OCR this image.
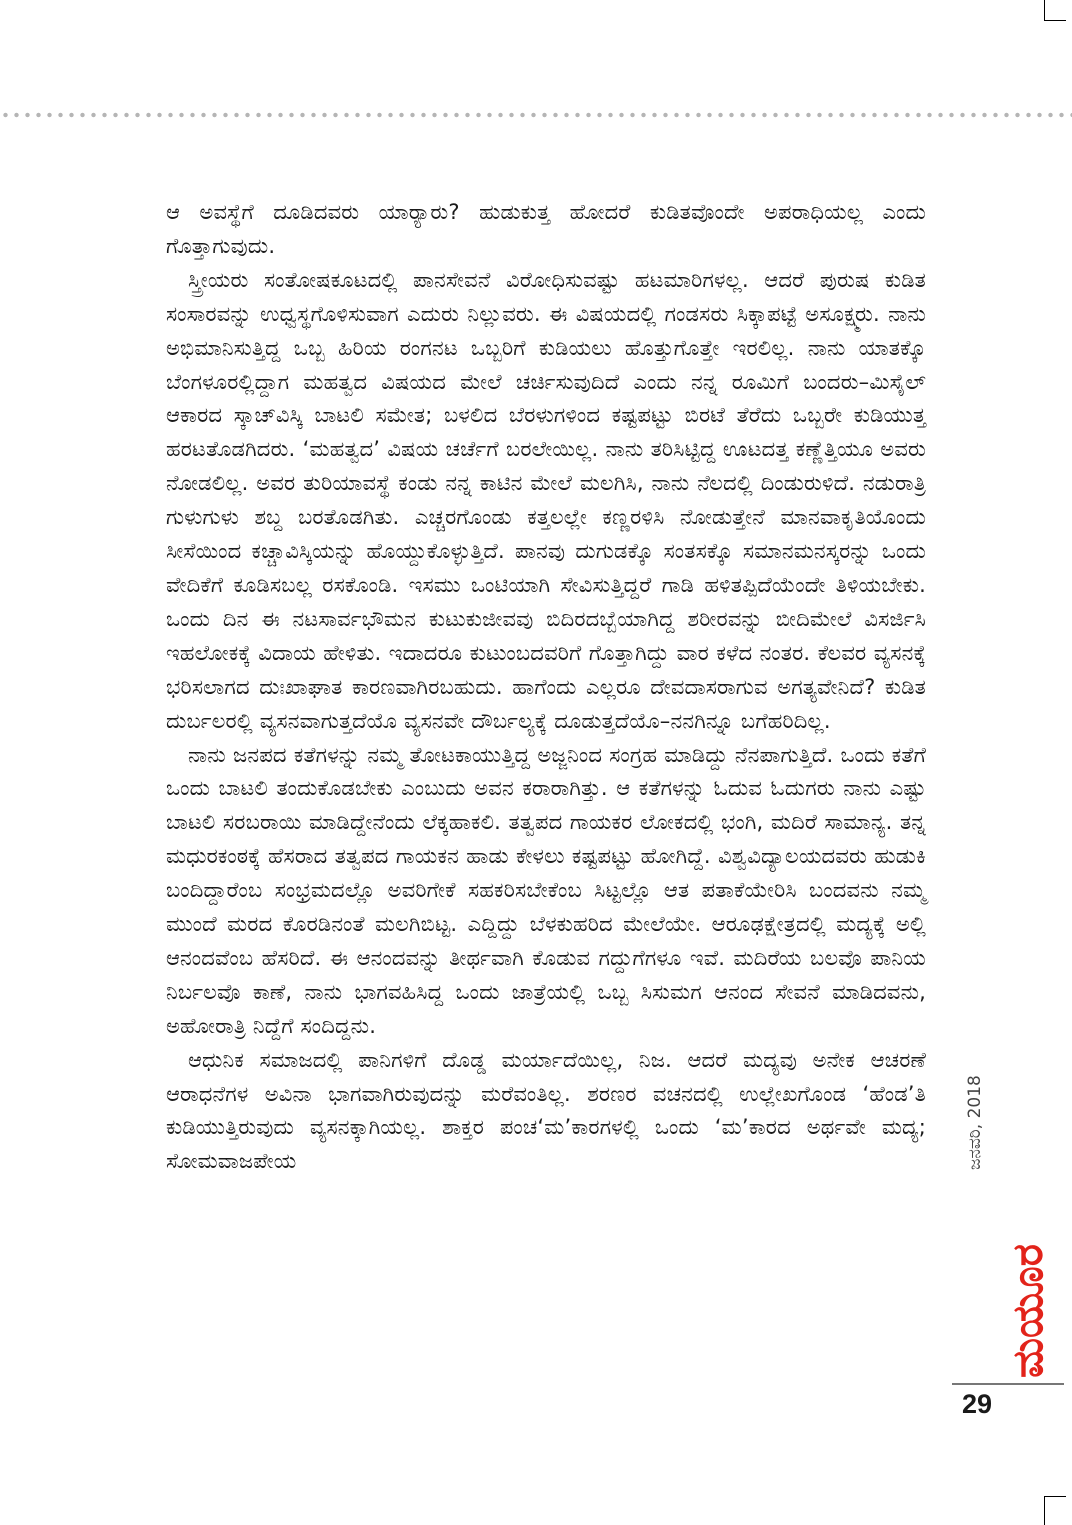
ಆ ಅವಸ್ಥೆಗೆ ದೂಡಿದವರು ಯಾರ್‍ಯಾರು? ಹುಡುಕುತ್ತ ಹೋದರೆ ಕುಡಿತವೊಂದೇ ಅಪರಾಧಿಯಲ್ಲ ಎಂದು ಗೊತ್ತಾಗುವುದು.

ಸ್ತ್ರೀಯರು ಸಂತೋಷಕೂಟದಲ್ಲಿ ಪಾನಸೇವನೆ ವಿರೋಧಿಸುವಷ್ಟು ಹಟಮಾರಿಗಳಲ್ಲ. ಆದರೆ ಪುರುಷ ಕುಡಿತ ಸಂಸಾರವನ್ನು ಉಧ್ವಸ್ಥಗೊಳಿಸುವಾಗ ಎದುರು ನಿಲ್ಲುವರು. ಈ ವಿಷಯದಲ್ಲಿ ಗಂಡಸರು ಸಿಕ್ಕಾಪಟ್ಟೆ ಅಸೂಕ್ಷ್ಮರು. ನಾನು ಅಭಿಮಾನಿಸುತ್ತಿದ್ದ ಒಬ್ಬ ಹಿರಿಯ ರಂಗನಟ ಒಬ್ಬರಿಗೆ ಕುಡಿಯಲು ಹೊತ್ತುಗೊತ್ತೇ ಇರಲಿಲ್ಲ. ನಾನು ಯಾತಕ್ಕೊ ಬೆಂಗಳೂರಲ್ಲಿದ್ದಾಗ ಮಹತ್ವದ ವಿಷಯದ ಮೇಲೆ ಚರ್ಚಿಸುವುದಿದೆ ಎಂದು ನನ್ನ ರೂಮಿಗೆ ಬಂದರು–ಮಿಸೈಲ್ ಆಕಾರದ ಸ್ಕಾಚ್‌ವಿಸ್ಕಿ ಬಾಟಲಿ ಸಮೇತ; ಬಳಲಿದ ಬೆರಳುಗಳಿಂದ ಕಷ್ಟಪಟ್ಟು ಬಿರಟೆ ತೆರೆದು ಒಬ್ಬರೇ ಕುಡಿಯುತ್ತ ಹರಟತೊಡಗಿದರು. ‘ಮಹತ್ವದ’ ವಿಷಯ ಚರ್ಚೆಗೆ ಬರಲೇಯಿಲ್ಲ. ನಾನು ತರಿಸಿಟ್ಟಿದ್ದ ಊಟದತ್ತ ಕಣ್ಣೆತ್ತಿಯೂ ಅವರು ನೋಡಲಿಲ್ಲ. ಅವರ ತುರಿಯಾವಸ್ಥೆ ಕಂಡು ನನ್ನ ಕಾಟಿನ ಮೇಲೆ ಮಲಗಿಸಿ, ನಾನು ನೆಲದಲ್ಲಿ ದಿಂಡುರುಳಿದೆ. ನಡುರಾತ್ರಿ ಗುಳುಗುಳು ಶಬ್ದ ಬರತೊಡಗಿತು. ಎಚ್ಚರಗೊಂಡು ಕತ್ತಲಲ್ಲೇ ಕಣ್ಣರಳಿಸಿ ನೋಡುತ್ತೇನೆ ಮಾನವಾಕೃತಿಯೊಂದು ಸೀಸೆಯಿಂದ ಕಚ್ಚಾವಿಸ್ಕಿಯನ್ನು ಹೊಯ್ದುಕೊಳ್ಳುತ್ತಿದೆ. ಪಾನವು ದುಗುಡಕ್ಕೊ ಸಂತಸಕ್ಕೊ ಸಮಾನಮನಸ್ಕರನ್ನು ಒಂದು ವೇದಿಕೆಗೆ ಕೂಡಿಸಬಲ್ಲ ರಸಕೊಂಡಿ. ಇಸಮು ಒಂಟಿಯಾಗಿ ಸೇವಿಸುತ್ತಿದ್ದರೆ ಗಾಡಿ ಹಳಿತಪ್ಪಿದೆಯೆಂದೇ ತಿಳಿಯಬೇಕು. ಒಂದು ದಿನ ಈ ನಟಸಾರ್ವಭೌಮನ ಕುಟುಕುಜೀವವು ಬಿದಿರದಬ್ಬೆಯಾಗಿದ್ದ ಶರೀರವನ್ನು ಬೀದಿಮೇಲೆ ವಿಸರ್ಜಿಸಿ ಇಹಲೋಕಕ್ಕೆ ವಿದಾಯ ಹೇಳಿತು. ಇದಾದರೂ ಕುಟುಂಬದವರಿಗೆ ಗೊತ್ತಾಗಿದ್ದು ವಾರ ಕಳೆದ ನಂತರ. ಕೆಲವರ ವ್ಯಸನಕ್ಕೆ ಭರಿಸಲಾಗದ ದುಃಖಾಘಾತ ಕಾರಣವಾಗಿರಬಹುದು. ಹಾಗೆಂದು ಎಲ್ಲರೂ ದೇವದಾಸರಾಗುವ ಅಗತ್ಯವೇನಿದೆ? ಕುಡಿತ ದುರ್ಬಲರಲ್ಲಿ ವ್ಯಸನವಾಗುತ್ತದೆಯೊ ವ್ಯಸನವೇ ದೌರ್ಬಲ್ಯಕ್ಕೆ ದೂಡುತ್ತದೆಯೊ–ನನಗಿನ್ನೂ ಬಗೆಹರಿದಿಲ್ಲ.

ನಾನು ಜನಪದ ಕತೆಗಳನ್ನು ನಮ್ಮ ತೋಟಕಾಯುತ್ತಿದ್ದ ಅಜ್ಜನಿಂದ ಸಂಗ್ರಹ ಮಾಡಿದ್ದು ನೆನಪಾಗುತ್ತಿದೆ. ಒಂದು ಕತೆಗೆ ಒಂದು ಬಾಟಲಿ ತಂದುಕೊಡಬೇಕು ಎಂಬುದು ಅವನ ಕರಾರಾಗಿತ್ತು. ಆ ಕತೆಗಳನ್ನು ಓದುವ ಓದುಗರು ನಾನು ಎಷ್ಟು ಬಾಟಲಿ ಸರಬರಾಯಿ ಮಾಡಿದ್ದೇನೆಂದು ಲೆಕ್ಕಹಾಕಲಿ. ತತ್ವಪದ ಗಾಯಕರ ಲೋಕದಲ್ಲಿ ಭಂಗಿ, ಮದಿರೆ ಸಾಮಾನ್ಯ. ತನ್ನ ಮಧುರಕಂಠಕ್ಕೆ ಹೆಸರಾದ ತತ್ವಪದ ಗಾಯಕನ ಹಾಡು ಕೇಳಲು ಕಷ್ಟಪಟ್ಟು ಹೋಗಿದ್ದೆ. ವಿಶ್ವವಿದ್ಯಾಲಯದವರು ಹುಡುಕಿ ಬಂದಿದ್ದಾರೆಂಬ ಸಂಭ್ರಮದಲ್ಲೊ ಅವರಿಗೇಕೆ ಸಹಕರಿಸಬೇಕೆಂಬ ಸಿಟ್ಟಲ್ಲೊ ಆತ ಪತಾಕೆಯೇರಿಸಿ ಬಂದವನು ನಮ್ಮ ಮುಂದೆ ಮರದ ಕೊರಡಿನಂತೆ ಮಲಗಿಬಿಟ್ಟ. ಎದ್ದಿದ್ದು ಬೆಳಕುಹರಿದ ಮೇಲೆಯೇ. ಆರೂಢಕ್ಷೇತ್ರದಲ್ಲಿ ಮದ್ಯಕ್ಕೆ ಅಲ್ಲಿ ಆನಂದವೆಂಬ ಹೆಸರಿದೆ. ಈ ಆನಂದವನ್ನು ತೀರ್ಥವಾಗಿ ಕೊಡುವ ಗದ್ದುಗೆಗಳೂ ಇವೆ. ಮದಿರೆಯ ಬಲವೊ ಪಾನಿಯ ನಿರ್ಬಲವೊ ಕಾಣೆ, ನಾನು ಭಾಗವಹಿಸಿದ್ದ ಒಂದು ಜಾತ್ರೆಯಲ್ಲಿ ಒಬ್ಬ ಸಿಸುಮಗ ಆನಂದ ಸೇವನೆ ಮಾಡಿದವನು, ಅಹೋರಾತ್ರಿ ನಿದ್ದೆಗೆ ಸಂದಿದ್ದನು.

ಆಧುನಿಕ ಸಮಾಜದಲ್ಲಿ ಪಾನಿಗಳಿಗೆ ದೊಡ್ಡ ಮರ್ಯಾದೆಯಿಲ್ಲ, ನಿಜ. ಆದರೆ ಮದ್ಯವು ಅನೇಕ ಆಚರಣೆ ಆರಾಧನೆಗಳ ಅವಿನಾ ಭಾಗವಾಗಿರುವುದನ್ನು ಮರೆವಂತಿಲ್ಲ. ಶರಣರ ವಚನದಲ್ಲಿ ಉಲ್ಲೇಖಗೊಂಡ ‘ಹೆಂಡ’ತಿ ಕುಡಿಯುತ್ತಿರುವುದು ವ್ಯಸನಕ್ಕಾಗಿಯಲ್ಲ. ಶಾಕ್ತರ ಪಂಚ‘ಮ’ಕಾರಗಳಲ್ಲಿ ಒಂದು ‘ಮ’ಕಾರದ ಅರ್ಥವೇ ಮದ್ಯ; ಸೋಮವಾಜಪೇಯ	ಜನವರಿ, 2018
ಮಯೂರ
29
